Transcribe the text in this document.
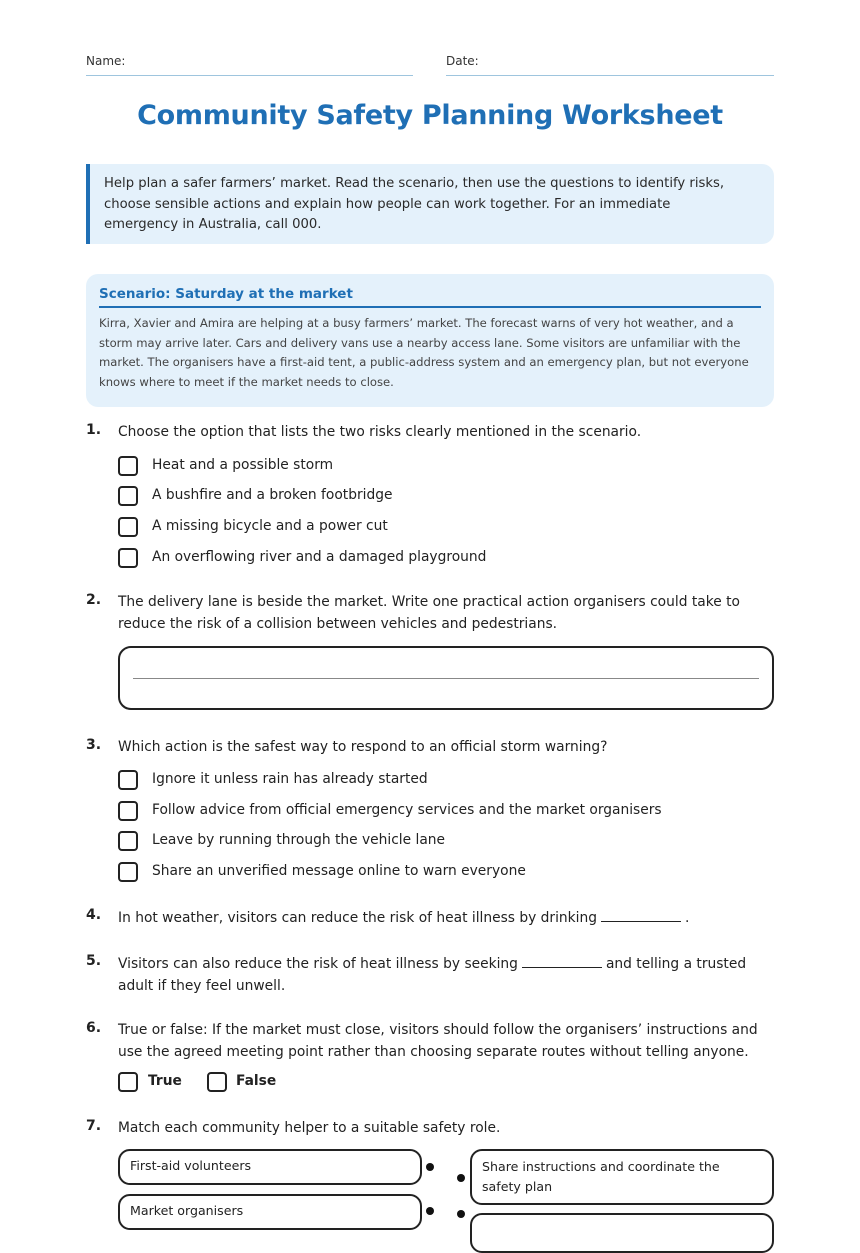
Name:	Date:
Community Safety Planning Worksheet
Help plan a safer farmers’ market. Read the scenario, then use the questions to identify risks, choose sensible actions and explain how people can work together. For an immediate emergency in Australia, call 000.
Scenario: Saturday at the market
Kirra, Xavier and Amira are helping at a busy farmers’ market. The forecast warns of very hot weather, and a storm may arrive later. Cars and delivery vans use a nearby access lane. Some visitors are unfamiliar with the market. The organisers have a first-aid tent, a public-address system and an emergency plan, but not everyone knows where to meet if the market needs to close.
1. Choose the option that lists the two risks clearly mentioned in the scenario.
Heat and a possible storm
A bushfire and a broken footbridge
A missing bicycle and a power cut
An overflowing river and a damaged playground
2. The delivery lane is beside the market. Write one practical action organisers could take to reduce the risk of a collision between vehicles and pedestrians.
3. Which action is the safest way to respond to an official storm warning?
Ignore it unless rain has already started
Follow advice from official emergency services and the market organisers
Leave by running through the vehicle lane
Share an unverified message online to warn everyone
4. In hot weather, visitors can reduce the risk of heat illness by drinking	.
5. Visitors can also reduce the risk of heat illness by seeking	and telling a trusted adult if they feel unwell.
6. True or false: If the market must close, visitors should follow the organisers’ instructions and use the agreed meeting point rather than choosing separate routes without telling anyone.
True	False
7. Match each community helper to a suitable safety role.
First-aid volunteers	Share instructions and coordinate the safety plan
Market organisers
